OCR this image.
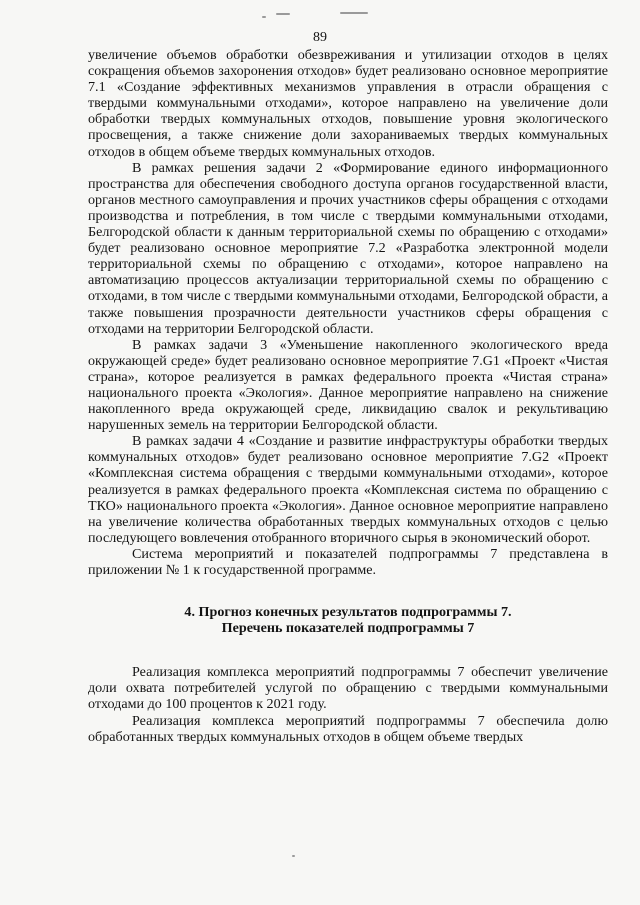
89

увеличение объемов обработки обезвреживания и утилизации отходов в целях сокращения объемов захоронения отходов» будет реализовано основное мероприятие 7.1 «Создание эффективных механизмов управления в отрасли обращения с твердыми коммунальными отходами», которое направлено на увеличение доли обработки твердых коммунальных отходов, повышение уровня экологического просвещения, а также снижение доли захораниваемых твердых коммунальных отходов в общем объеме твердых коммунальных отходов.

В рамках решения задачи 2 «Формирование единого информационного пространства для обеспечения свободного доступа органов государственной власти, органов местного самоуправления и прочих участников сферы обращения с отходами производства и потребления, в том числе с твердыми коммунальными отходами, Белгородской области к данным территориальной схемы по обращению с отходами» будет реализовано основное мероприятие 7.2 «Разработка электронной модели территориальной схемы по обращению с отходами», которое направлено на автоматизацию процессов актуализации территориальной схемы по обращению с отходами, в том числе с твердыми коммунальными отходами, Белгородской обрасти, а также повышения прозрачности деятельности участников сферы обращения с отходами на территории Белгородской области.

В рамках задачи 3 «Уменьшение накопленного экологического вреда окружающей среде» будет реализовано основное мероприятие 7.G1 «Проект «Чистая страна», которое реализуется в рамках федерального проекта «Чистая страна» национального проекта «Экология». Данное мероприятие направлено на снижение накопленного вреда окружающей среде, ликвидацию свалок и рекультивацию нарушенных земель на территории Белгородской области.

В рамках задачи 4 «Создание и развитие инфраструктуры обработки твердых коммунальных отходов» будет реализовано основное мероприятие 7.G2 «Проект «Комплексная система обращения с твердыми коммунальными отходами», которое реализуется в рамках федерального проекта «Комплексная система по обращению с ТКО» национального проекта «Экология». Данное основное мероприятие направлено на увеличение количества обработанных твердых коммунальных отходов с целью последующего вовлечения отобранного вторичного сырья в экономический оборот.

Система мероприятий и показателей подпрограммы 7 представлена в приложении № 1 к государственной программе.

4. Прогноз конечных результатов подпрограммы 7.
Перечень показателей подпрограммы 7

Реализация комплекса мероприятий подпрограммы 7 обеспечит увеличение доли охвата потребителей услугой по обращению с твердыми коммунальными отходами до 100 процентов к 2021 году.

Реализация комплекса мероприятий подпрограммы 7 обеспечила долю обработанных твердых коммунальных отходов в общем объеме твердых
